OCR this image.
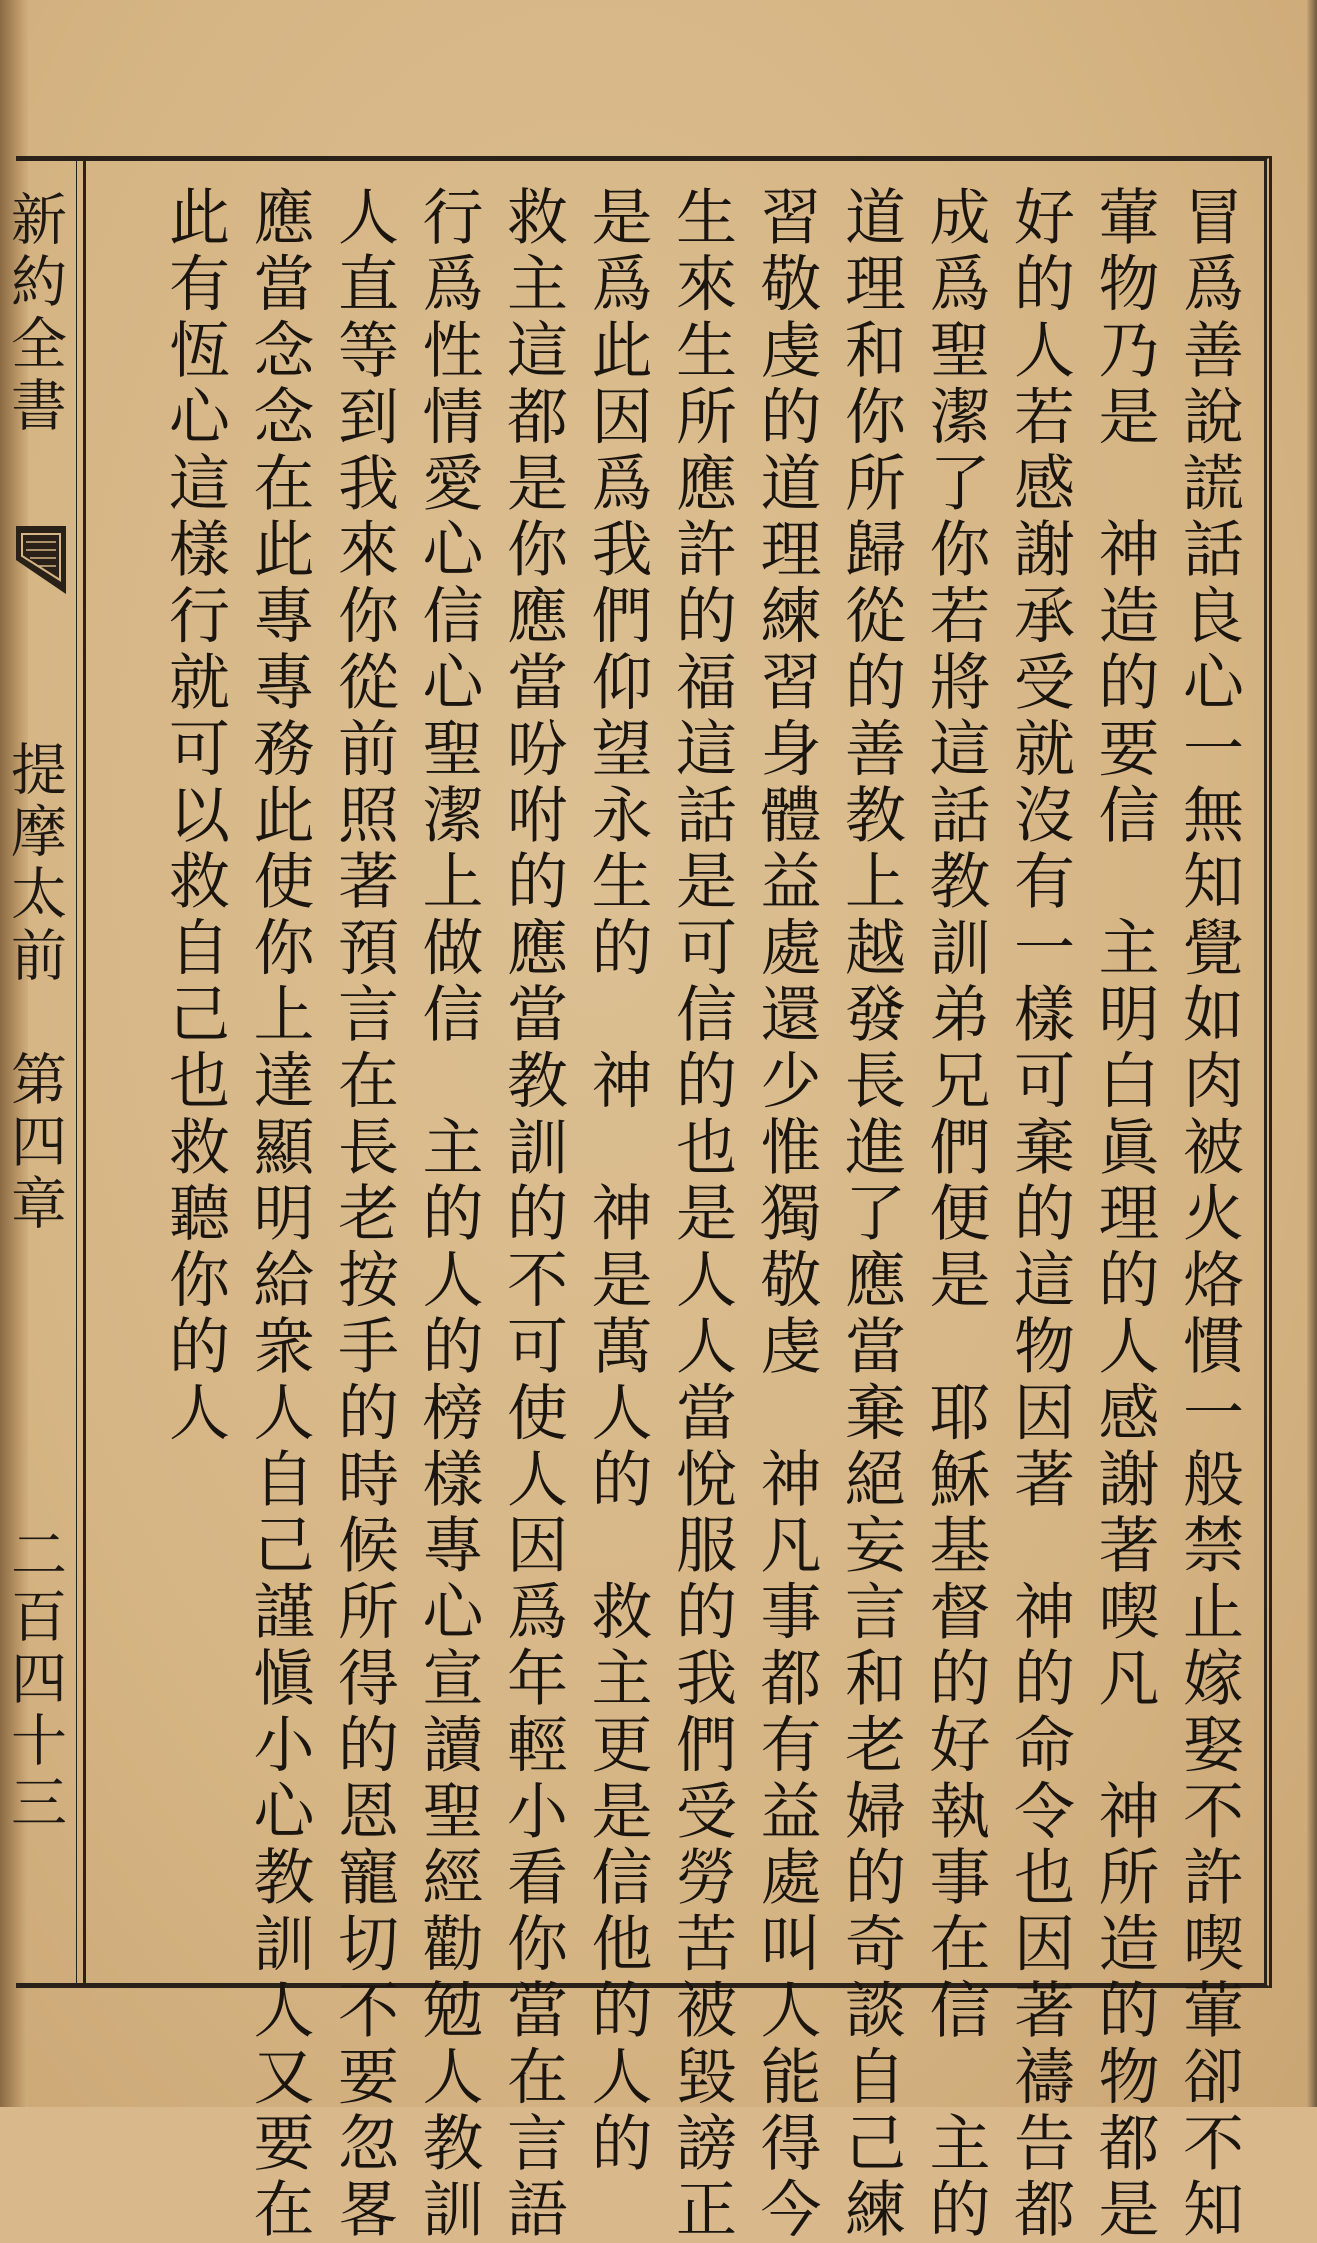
新約全書
提摩太前　第四章
二百四十三	冒爲善說謊話良心一無知覺如肉被火烙慣一般禁止嫁娶不許喫葷卻不知

葷物乃是　神造的要信　主明白眞理的人感謝著喫凡　神所造的物都是

好的人若感謝承受就沒有一樣可棄的這物因著　神的命令也因著禱告都

成爲聖潔了你若將這話教訓弟兄們便是　耶穌基督的好執事在信　主的

道理和你所歸從的善教上越發長進了應當棄絕妄言和老婦的奇談自己練

習敬虔的道理練習身體益處還少惟獨敬虔　神凡事都有益處叫人能得今

生來生所應許的福這話是可信的也是人人當悅服的我們受勞苦被毀謗正

是爲此因爲我們仰望永生的　神　神是萬人的　救主更是信他的人的

救主這都是你應當吩咐的應當教訓的不可使人因爲年輕小看你當在言語

行爲性情愛心信心聖潔上做信　主的人的榜樣專心宣讀聖經勸勉人教訓

人直等到我來你從前照著預言在長老按手的時候所得的恩寵切不要忽畧

應當念念在此專專務此使你上達顯明給衆人自己謹愼小心教訓人又要在

此有恆心這樣行就可以救自己也救聽你的人
